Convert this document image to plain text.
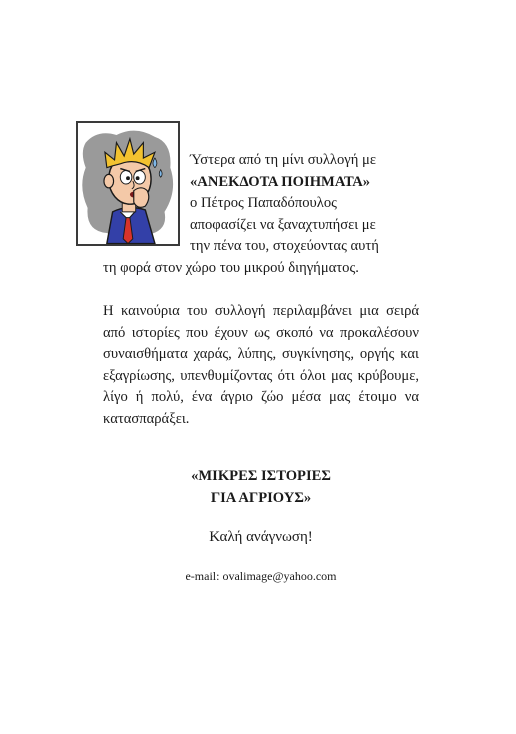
Ύστερα από τη μίνι συλλογή με
«ΑΝΕΚΔΟΤΑ ΠΟΙΗΜΑΤΑ»
ο Πέτρος Παπαδόπουλος
αποφασίζει να ξαναχτυπήσει με
την πένα του, στοχεύοντας αυτή
τη φορά στον χώρο του μικρού διηγήματος.

Η καινούρια του συλλογή περιλαμβάνει μια σειρά από ιστορίες που έχουν ως σκοπό να προκαλέσουν συναισθήματα χαράς, λύπης, συγκίνησης, οργής και εξαγρίωσης, υπενθυμίζοντας ότι όλοι μας κρύβουμε, λίγο ή πολύ, ένα άγριο ζώο μέσα μας έτοιμο να κατασπαράξει.

«ΜΙΚΡΕΣ ΙΣΤΟΡΙΕΣ
ΓΙΑ ΑΓΡΙΟΥΣ»
Καλή ανάγνωση!
e-mail: ovalimage@yahoo.com
